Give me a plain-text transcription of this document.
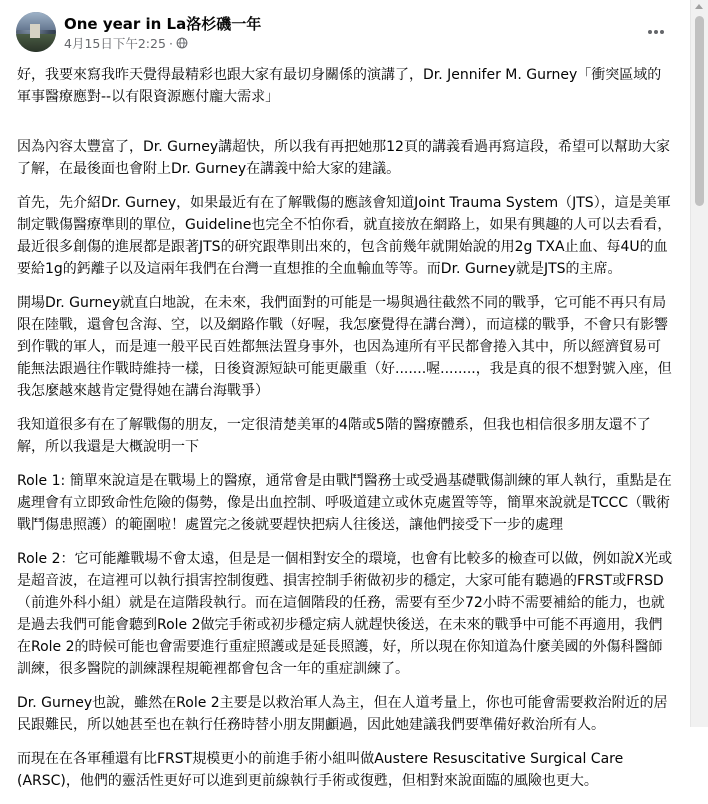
One year in La洛杉磯一年
4月15日下午2:25 ·

好，我要來寫我昨天覺得最精彩也跟大家有最切身關係的演講了，Dr. Jennifer M. Gurney「衝突區域的軍事醫療應對--以有限資源應付龐大需求」

因為內容太豐富了，Dr. Gurney講超快，所以我有再把她那12頁的講義看過再寫這段，希望可以幫助大家了解，在最後面也會附上Dr. Gurney在講義中給大家的建議。

首先，先介紹Dr. Gurney，如果最近有在了解戰傷的應該會知道Joint Trauma System（JTS），這是美軍制定戰傷醫療準則的單位，Guideline也完全不怕你看，就直接放在網路上，如果有興趣的人可以去看看，最近很多創傷的進展都是跟著JTS的研究跟準則出來的，包含前幾年就開始說的用2g TXA止血、每4U的血要給1g的鈣離子以及這兩年我們在台灣一直想推的全血輸血等等。而Dr. Gurney就是JTS的主席。

開場Dr. Gurney就直白地說，在未來，我們面對的可能是一場與過往截然不同的戰爭，它可能不再只有局限在陸戰，還會包含海、空，以及網路作戰（好喔，我怎麼覺得在講台灣），而這樣的戰爭，不會只有影響到作戰的軍人，而是連一般平民百姓都無法置身事外，也因為連所有平民都會捲入其中，所以經濟貿易可能無法跟過往作戰時維持一樣，日後資源短缺可能更嚴重（好.......喔........，我是真的很不想對號入座，但我怎麼越來越肯定覺得她在講台海戰爭）

我知道很多有在了解戰傷的朋友，一定很清楚美軍的4階或5階的醫療體系，但我也相信很多朋友還不了解，所以我還是大概說明一下

Role 1: 簡單來說這是在戰場上的醫療，通常會是由戰鬥醫務士或受過基礎戰傷訓練的軍人執行，重點是在處理會有立即致命性危險的傷勢，像是出血控制、呼吸道建立或休克處置等等，簡單來說就是TCCC（戰術戰鬥傷患照護）的範圍啦！處置完之後就要趕快把病人往後送，讓他們接受下一步的處理

Role 2：它可能離戰場不會太遠，但是是一個相對安全的環境，也會有比較多的檢查可以做，例如說X光或是超音波，在這裡可以執行損害控制復甦、損害控制手術做初步的穩定，大家可能有聽過的FRST或FRSD（前進外科小組）就是在這階段執行。而在這個階段的任務，需要有至少72小時不需要補給的能力，也就是過去我們可能會聽到Role 2做完手術或初步穩定病人就趕快後送，在未來的戰爭中可能不再適用，我們在Role 2的時候可能也會需要進行重症照護或是延長照護，好，所以現在你知道為什麼美國的外傷科醫師訓練，很多醫院的訓練課程規範裡都會包含一年的重症訓練了。

Dr. Gurney也說，雖然在Role 2主要是以救治軍人為主，但在人道考量上，你也可能會需要救治附近的居民跟難民，所以她甚至也在執行任務時替小朋友開顱過，因此她建議我們要準備好救治所有人。

而現在在各軍種還有比FRST規模更小的前進手術小組叫做Austere Resuscitative Surgical Care (ARSC)，他們的靈活性更好可以進到更前線執行手術或復甦，但相對來說面臨的風險也更大。
